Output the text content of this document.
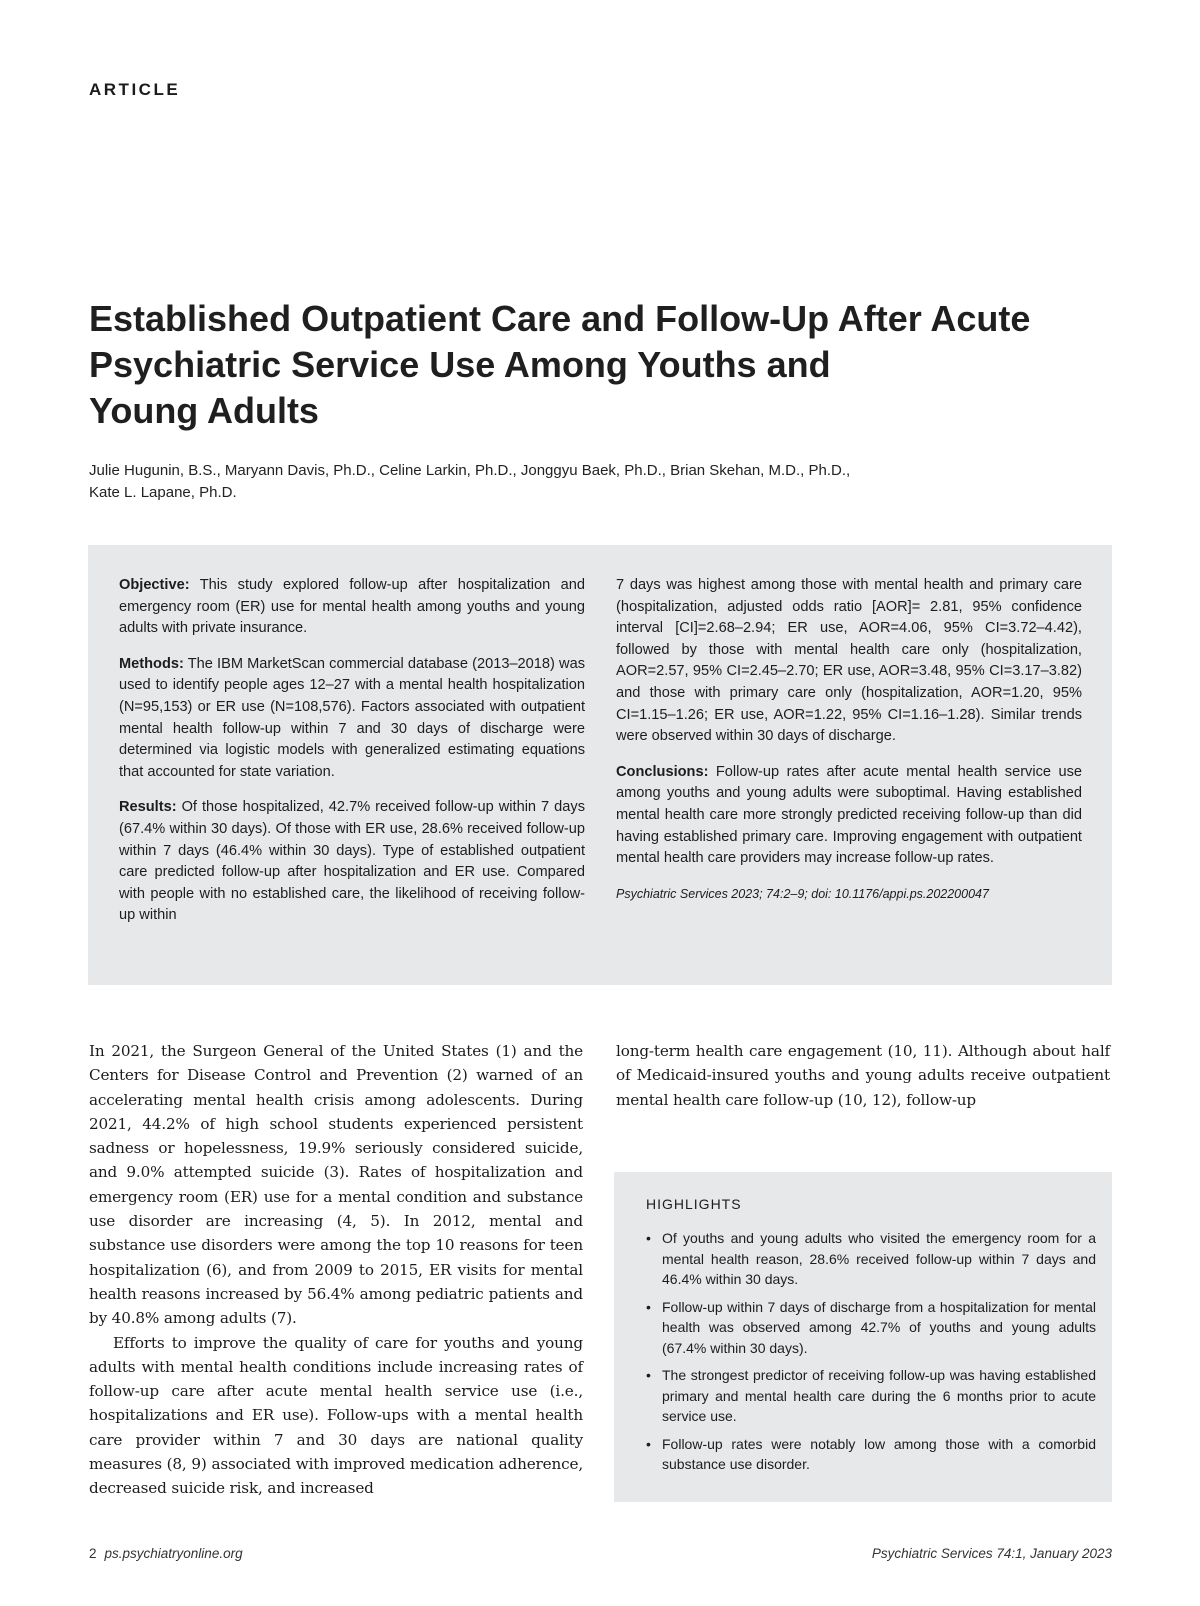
ARTICLE
Established Outpatient Care and Follow-Up After Acute
Psychiatric Service Use Among Youths and
Young Adults
Julie Hugunin, B.S., Maryann Davis, Ph.D., Celine Larkin, Ph.D., Jonggyu Baek, Ph.D., Brian Skehan, M.D., Ph.D.,
Kate L. Lapane, Ph.D.

Objective: This study explored follow-up after hospitalization and emergency room (ER) use for mental health among youths and young adults with private insurance.

Methods: The IBM MarketScan commercial database (2013–2018) was used to identify people ages 12–27 with a mental health hospitalization (N=95,153) or ER use (N=108,576). Factors associated with outpatient mental health follow-up within 7 and 30 days of discharge were determined via logistic models with generalized estimating equations that accounted for state variation.

Results: Of those hospitalized, 42.7% received follow-up within 7 days (67.4% within 30 days). Of those with ER use, 28.6% received follow-up within 7 days (46.4% within 30 days). Type of established outpatient care predicted follow-up after hospitalization and ER use. Compared with people with no established care, the likelihood of receiving follow-up within

7 days was highest among those with mental health and primary care (hospitalization, adjusted odds ratio [AOR]= 2.81, 95% confidence interval [CI]=2.68–2.94; ER use, AOR=4.06, 95% CI=3.72–4.42), followed by those with mental health care only (hospitalization, AOR=2.57, 95% CI=2.45–2.70; ER use, AOR=3.48, 95% CI=3.17–3.82) and those with primary care only (hospitalization, AOR=1.20, 95% CI=1.15–1.26; ER use, AOR=1.22, 95% CI=1.16–1.28). Similar trends were observed within 30 days of discharge.

Conclusions: Follow-up rates after acute mental health service use among youths and young adults were suboptimal. Having established mental health care more strongly predicted receiving follow-up than did having established primary care. Improving engagement with outpatient mental health care providers may increase follow-up rates.

Psychiatric Services 2023; 74:2–9; doi: 10.1176/appi.ps.202200047

In 2021, the Surgeon General of the United States (1) and the Centers for Disease Control and Prevention (2) warned of an accelerating mental health crisis among adolescents. During 2021, 44.2% of high school students experienced persistent sadness or hopelessness, 19.9% seriously considered suicide, and 9.0% attempted suicide (3). Rates of hospitalization and emergency room (ER) use for a mental condition and substance use disorder are increasing (4, 5). In 2012, mental and substance use disorders were among the top 10 reasons for teen hospitalization (6), and from 2009 to 2015, ER visits for mental health reasons increased by 56.4% among pediatric patients and by 40.8% among adults (7).

Efforts to improve the quality of care for youths and young adults with mental health conditions include increasing rates of follow-up care after acute mental health service use (i.e., hospitalizations and ER use). Follow-ups with a mental health care provider within 7 and 30 days are national quality measures (8, 9) associated with improved medication adherence, decreased suicide risk, and increased

long-term health care engagement (10, 11). Although about half of Medicaid-insured youths and young adults receive outpatient mental health care follow-up (10, 12), follow-up

HIGHLIGHTS
• Of youths and young adults who visited the emergency room for a mental health reason, 28.6% received follow-up within 7 days and 46.4% within 30 days.
• Follow-up within 7 days of discharge from a hospitalization for mental health was observed among 42.7% of youths and young adults (67.4% within 30 days).
• The strongest predictor of receiving follow-up was having established primary and mental health care during the 6 months prior to acute service use.
• Follow-up rates were notably low among those with a comorbid substance use disorder.
2 ps.psychiatryonline.org	Psychiatric Services 74:1, January 2023
